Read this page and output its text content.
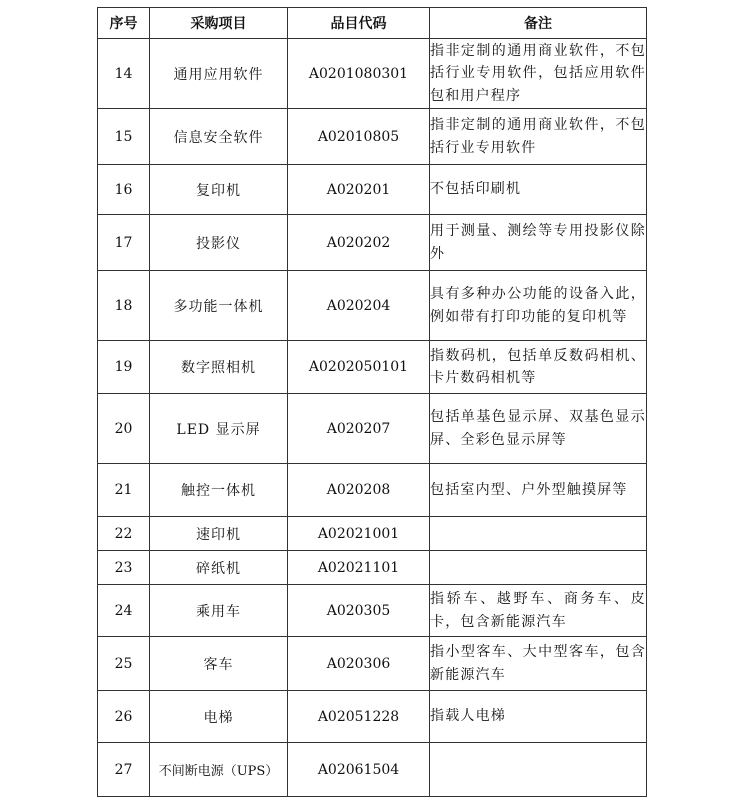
序号	采购项目	品目代码	备注
14	通用应用软件	A0201080301	指非定制的通用商业软件，不包括行业专用软件，包括应用软件包和用户程序
15	信息安全软件	A02010805	指非定制的通用商业软件，不包括行业专用软件
16	复印机	A020201	不包括印刷机
17	投影仪	A020202	用于测量、测绘等专用投影仪除外
18	多功能一体机	A020204	具有多种办公功能的设备入此，例如带有打印功能的复印机等
19	数字照相机	A0202050101	指数码机，包括单反数码相机、卡片数码相机等
20	LED 显示屏	A020207	包括单基色显示屏、双基色显示屏、全彩色显示屏等
21	触控一体机	A020208	包括室内型、户外型触摸屏等
22	速印机	A02021001	
23	碎纸机	A02021101	
24	乘用车	A020305	指轿车、越野车、商务车、皮卡，包含新能源汽车
25	客车	A020306	指小型客车、大中型客车，包含新能源汽车
26	电梯	A02051228	指载人电梯
27	不间断电源（UPS）	A02061504	
